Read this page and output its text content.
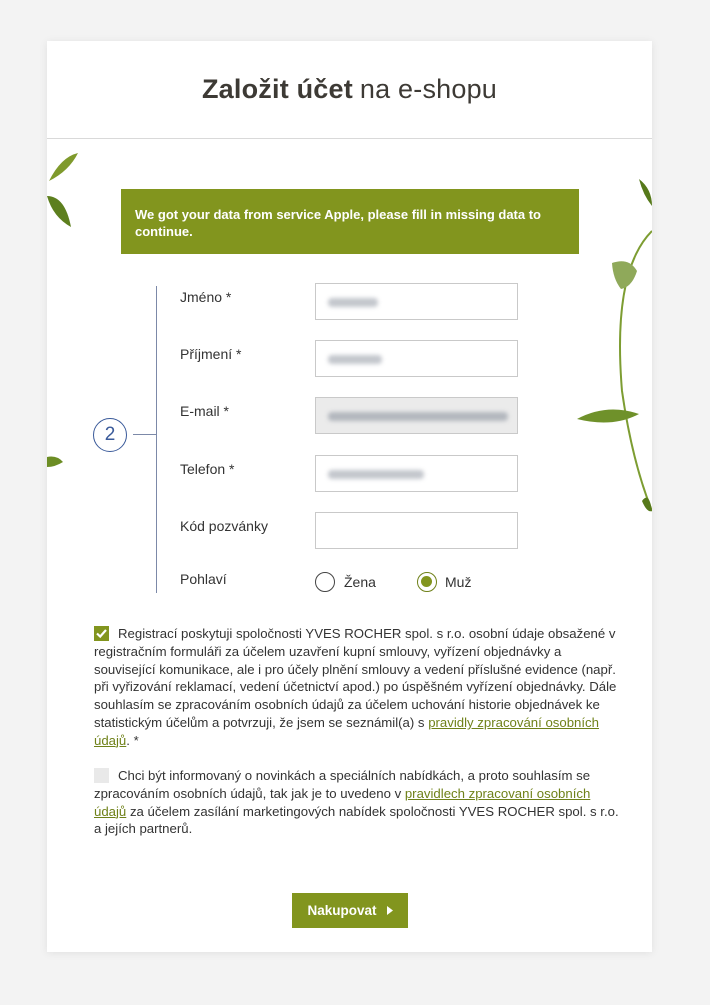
Založit účet na e-shopu
We got your data from service Apple, please fill in missing data to continue.
2
Jméno *
Příjmení *
E-mail *
Telefon *
Kód pozvánky
Pohlaví	Žena	Muž
Registrací poskytuji spoločnosti YVES ROCHER spol. s r.o. osobní údaje obsažené v registračním formuláři za účelem uzavření kupní smlouvy, vyřízení objednávky a související komunikace, ale i pro účely plnění smlouvy a vedení příslušné evidence (např. při vyřizování reklamací, vedení účetnictví apod.) po úspěšném vyřízení objednávky. Dále souhlasím se zpracováním osobních údajů za účelem uchování historie objednávek ke statistickým účelům a potvrzuji, že jsem se seznámil(a) s pravidly zpracování osobních údajů. *
Chci být informovaný o novinkách a speciálních nabídkách, a proto souhlasím se zpracováním osobních údajů, tak jak je to uvedeno v pravidlech zpracovaní osobních údajů za účelem zasílání marketingových nabídek spoločnosti YVES ROCHER spol. s r.o. a jejích partnerů.
Nakupovat
